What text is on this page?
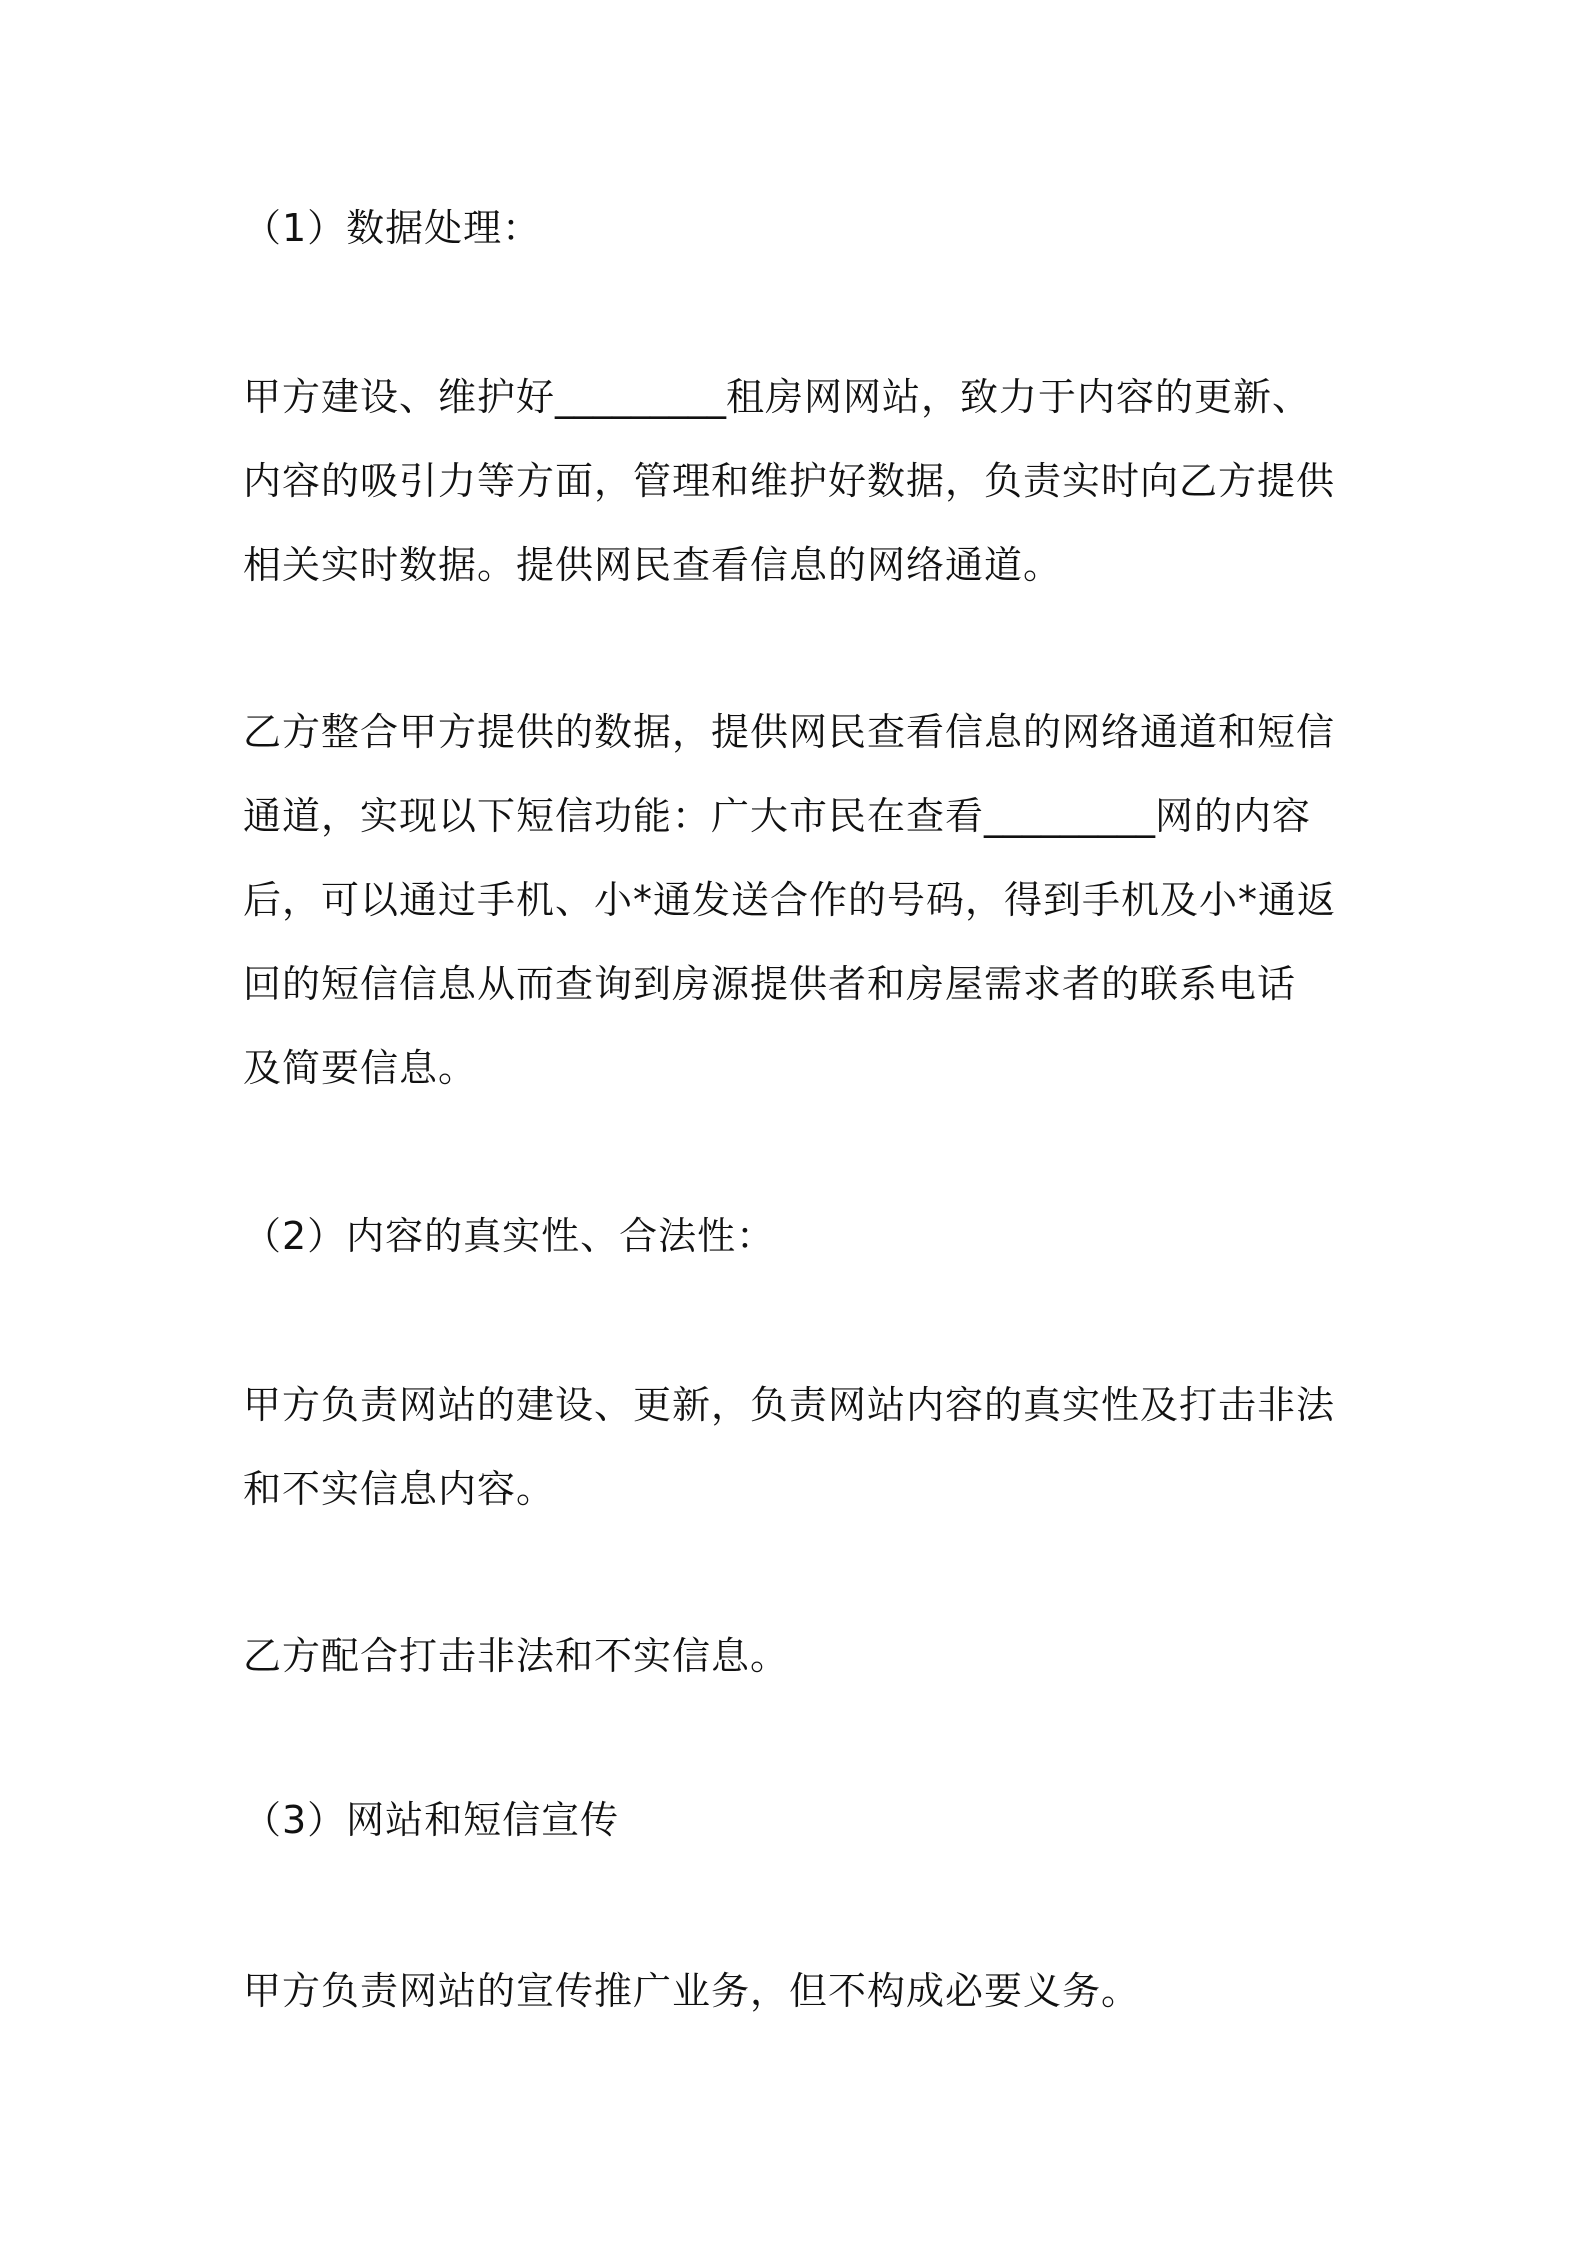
（1）数据处理：
甲方建设、维护好_________租房网网站，致力于内容的更新、
内容的吸引力等方面，管理和维护好数据，负责实时向乙方提供
相关实时数据。提供网民查看信息的网络通道。
乙方整合甲方提供的数据，提供网民查看信息的网络通道和短信
通道，实现以下短信功能：广大市民在查看_________网的内容
后，可以通过手机、小*通发送合作的号码，得到手机及小*通返
回的短信信息从而查询到房源提供者和房屋需求者的联系电话
及简要信息。
（2）内容的真实性、合法性：
甲方负责网站的建设、更新，负责网站内容的真实性及打击非法
和不实信息内容。
乙方配合打击非法和不实信息。
（3）网站和短信宣传
甲方负责网站的宣传推广业务，但不构成必要义务。
